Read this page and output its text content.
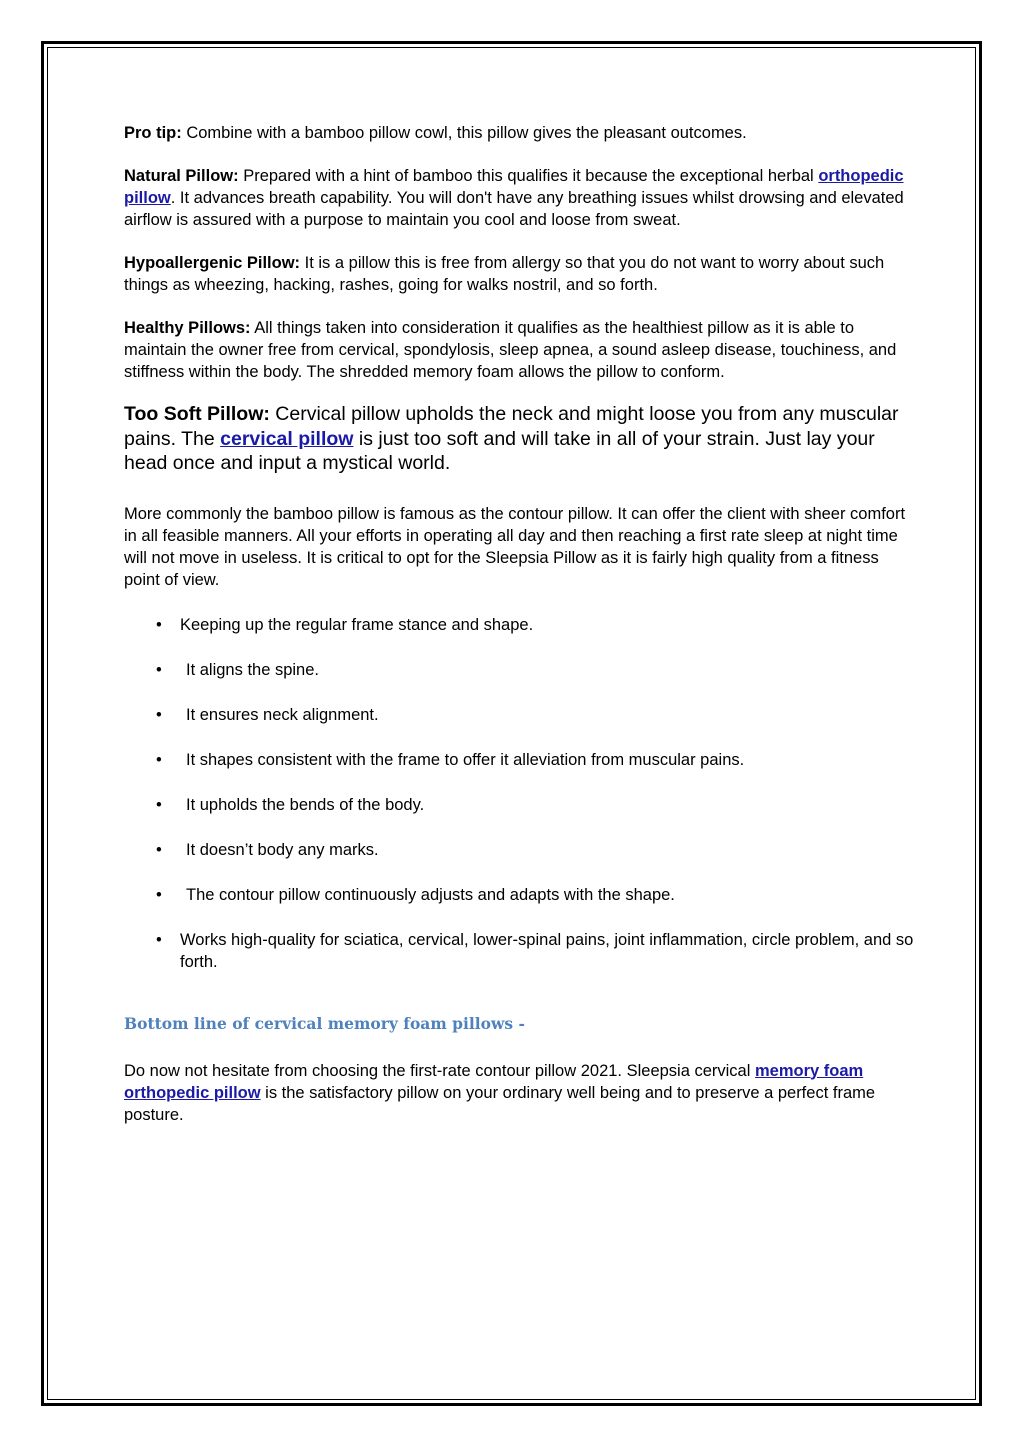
Pro tip: Combine with a bamboo pillow cowl, this pillow gives the pleasant outcomes.

Natural Pillow: Prepared with a hint of bamboo this qualifies it because the exceptional herbal orthopedic pillow. It advances breath capability. You will don't have any breathing issues whilst drowsing and elevated airflow is assured with a purpose to maintain you cool and loose from sweat.

Hypoallergenic Pillow: It is a pillow this is free from allergy so that you do not want to worry about such things as wheezing, hacking, rashes, going for walks nostril, and so forth.

Healthy Pillows: All things taken into consideration it qualifies as the healthiest pillow as it is able to maintain the owner free from cervical, spondylosis, sleep apnea, a sound asleep disease, touchiness, and stiffness within the body. The shredded memory foam allows the pillow to conform.

Too Soft Pillow: Cervical pillow upholds the neck and might loose you from any muscular pains. The cervical pillow is just too soft and will take in all of your strain. Just lay your head once and input a mystical world.

More commonly the bamboo pillow is famous as the contour pillow. It can offer the client with sheer comfort in all feasible manners. All your efforts in operating all day and then reaching a first rate sleep at night time will not move in useless. It is critical to opt for the Sleepsia Pillow as it is fairly high quality from a fitness point of view.

• Keeping up the regular frame stance and shape.
• It aligns the spine.
• It ensures neck alignment.
• It shapes consistent with the frame to offer it alleviation from muscular pains.
• It upholds the bends of the body.
• It doesn’t body any marks.
• The contour pillow continuously adjusts and adapts with the shape.
• Works high-quality for sciatica, cervical, lower-spinal pains, joint inflammation, circle problem, and so forth.
Bottom line of cervical memory foam pillows -

Do now not hesitate from choosing the first-rate contour pillow 2021. Sleepsia cervical memory foam orthopedic pillow is the satisfactory pillow on your ordinary well being and to preserve a perfect frame posture.
